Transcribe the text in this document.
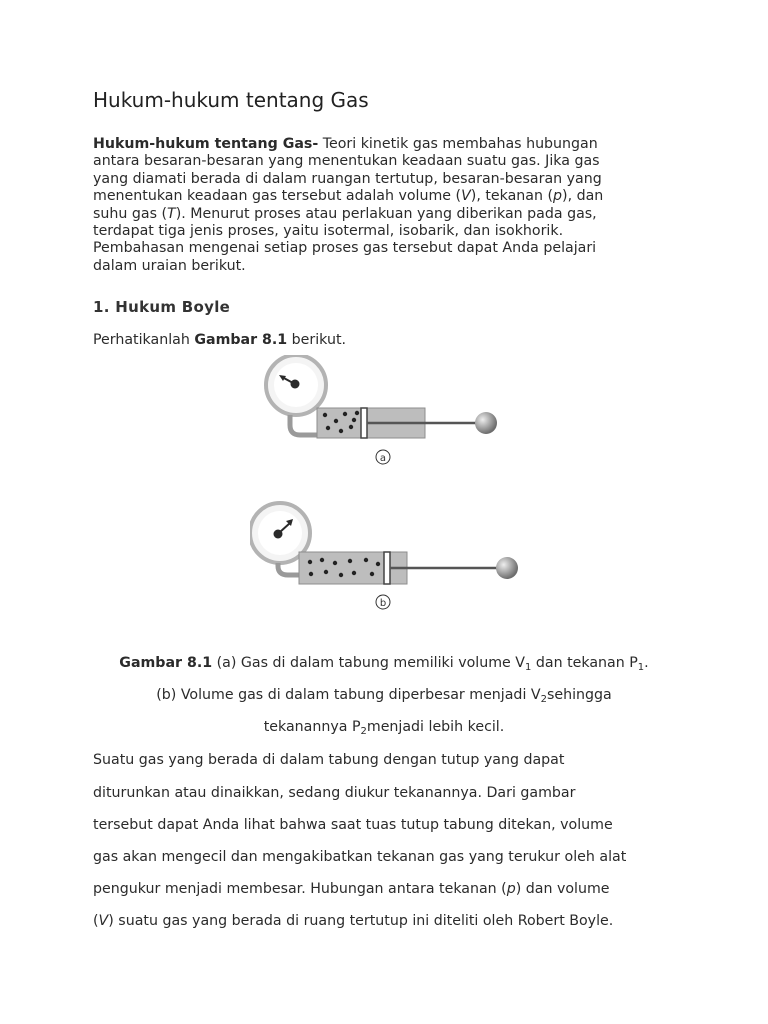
Hukum-hukum tentang Gas
Hukum-hukum tentang Gas- Teori kinetik gas membahas hubungan
antara besaran-besaran yang menentukan keadaan suatu gas. Jika gas
yang diamati berada di dalam ruangan tertutup, besaran-besaran yang
menentukan keadaan gas tersebut adalah volume (V), tekanan (p), dan
suhu gas (T). Menurut proses atau perlakuan yang diberikan pada gas,
terdapat tiga jenis proses, yaitu isotermal, isobarik, dan isokhorik.
Pembahasan mengenai setiap proses gas tersebut dapat Anda pelajari
dalam uraian berikut.
1. Hukum Boyle
Perhatikanlah Gambar 8.1 berikut.
a
b
Gambar 8.1 (a) Gas di dalam tabung memiliki volume $V_1$ dan tekanan $P_1$.
(b) Volume gas di dalam tabung diperbesar menjadi $V_2sehingga$
tekanannya $P_2menjadi$ lebih kecil.
Suatu gas yang berada di dalam tabung dengan tutup yang dapat
diturunkan atau dinaikkan, sedang diukur tekanannya. Dari gambar
tersebut dapat Anda lihat bahwa saat tuas tutup tabung ditekan, volume
gas akan mengecil dan mengakibatkan tekanan gas yang terukur oleh alat
pengukur menjadi membesar. Hubungan antara tekanan (p) dan volume
(V) suatu gas yang berada di ruang tertutup ini diteliti oleh Robert Boyle.
